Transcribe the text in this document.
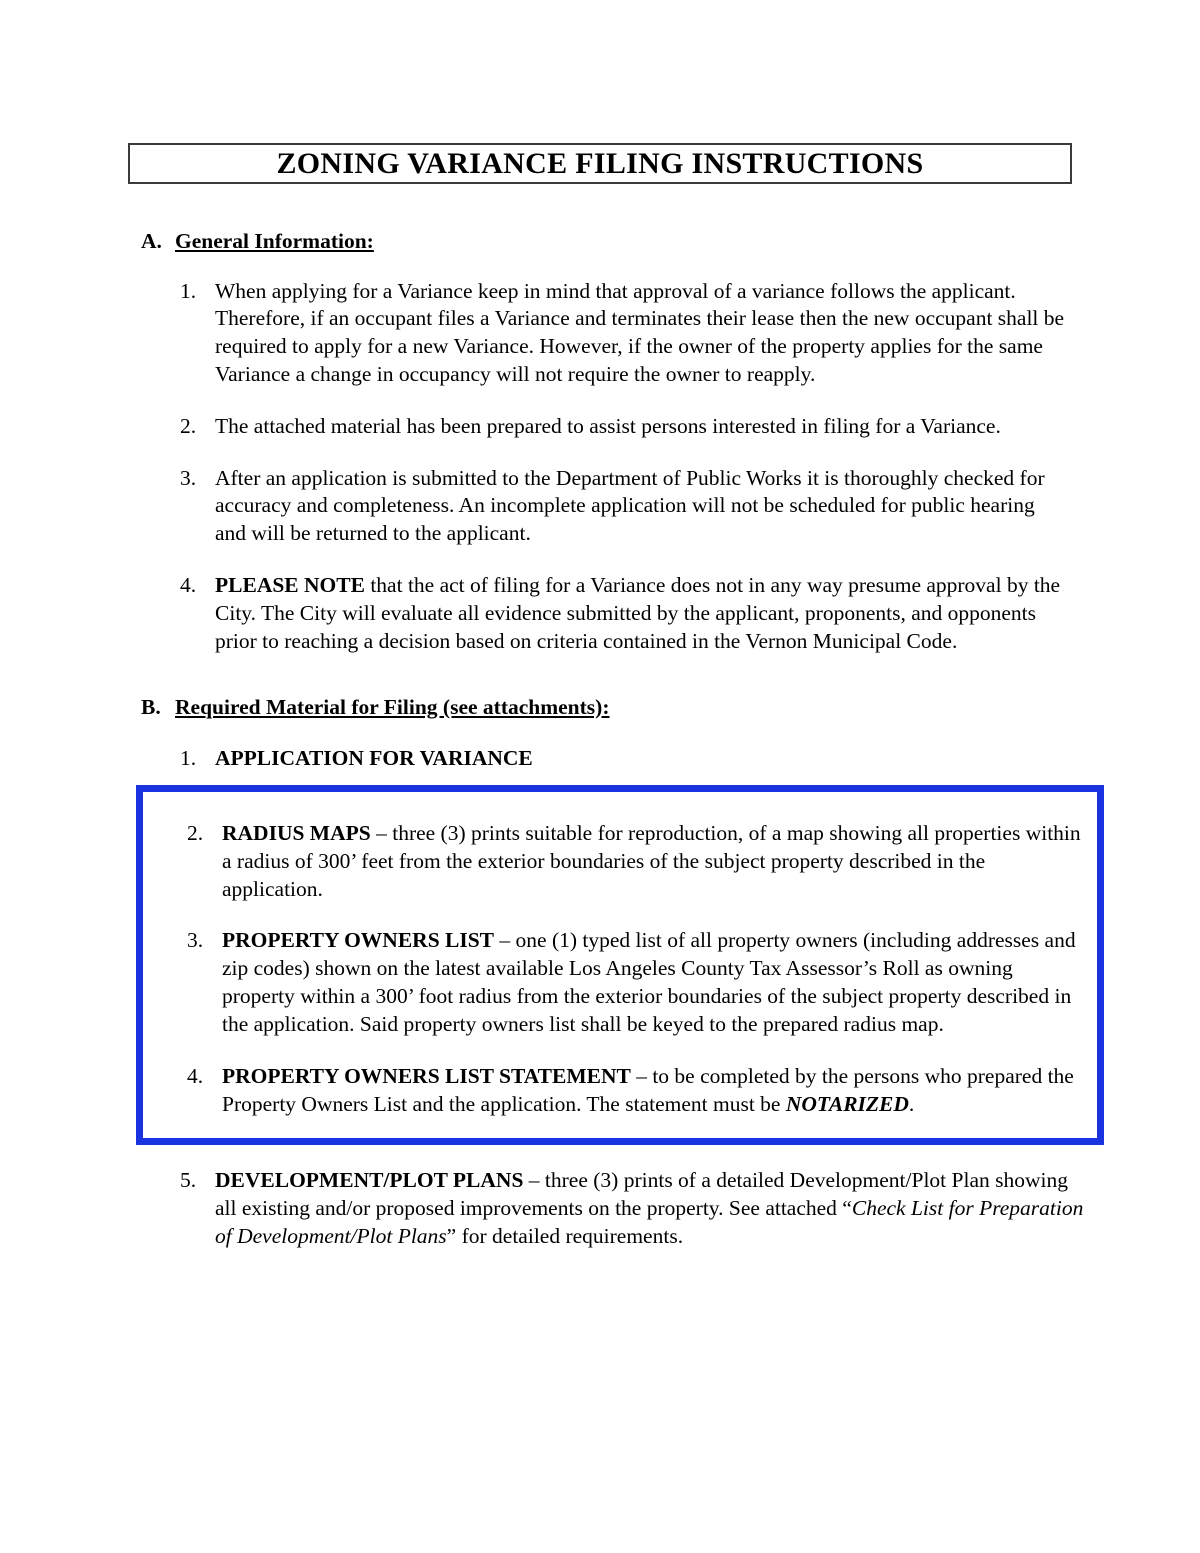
ZONING VARIANCE FILING INSTRUCTIONS
A. General Information:
1. When applying for a Variance keep in mind that approval of a variance follows the applicant. Therefore, if an occupant files a Variance and terminates their lease then the new occupant shall be required to apply for a new Variance. However, if the owner of the property applies for the same Variance a change in occupancy will not require the owner to reapply.
2. The attached material has been prepared to assist persons interested in filing for a Variance.
3. After an application is submitted to the Department of Public Works it is thoroughly checked for accuracy and completeness. An incomplete application will not be scheduled for public hearing and will be returned to the applicant.
4. PLEASE NOTE that the act of filing for a Variance does not in any way presume approval by the City. The City will evaluate all evidence submitted by the applicant, proponents, and opponents prior to reaching a decision based on criteria contained in the Vernon Municipal Code.
B. Required Material for Filing (see attachments):
1. APPLICATION FOR VARIANCE
2. RADIUS MAPS – three (3) prints suitable for reproduction, of a map showing all properties within a radius of 300’ feet from the exterior boundaries of the subject property described in the application.
3. PROPERTY OWNERS LIST – one (1) typed list of all property owners (including addresses and zip codes) shown on the latest available Los Angeles County Tax Assessor’s Roll as owning property within a 300’ foot radius from the exterior boundaries of the subject property described in the application. Said property owners list shall be keyed to the prepared radius map.
4. PROPERTY OWNERS LIST STATEMENT – to be completed by the persons who prepared the Property Owners List and the application. The statement must be NOTARIZED.
5. DEVELOPMENT/PLOT PLANS – three (3) prints of a detailed Development/Plot Plan showing all existing and/or proposed improvements on the property. See attached “Check List for Preparation of Development/Plot Plans” for detailed requirements.
